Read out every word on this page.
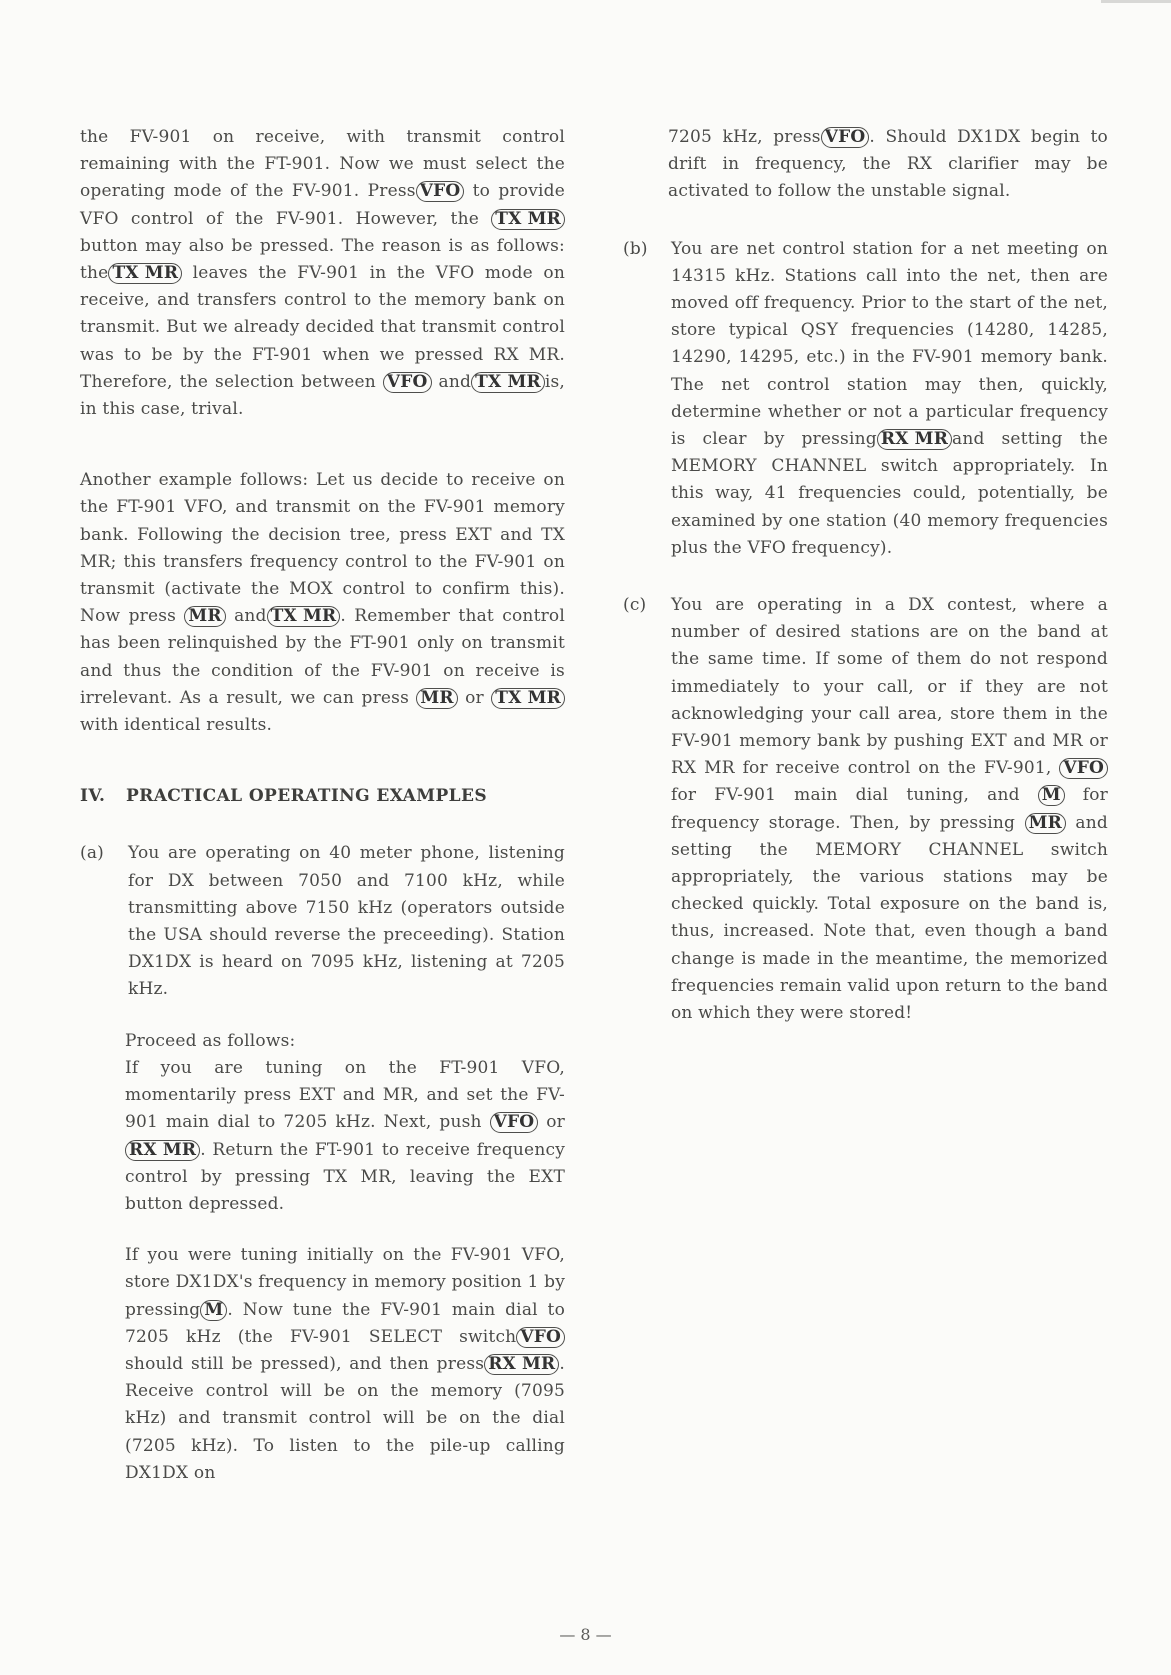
the FV-901 on receive, with transmit control remaining with the FT-901. Now we must select the operating mode of the FV-901. Press VFO to provide VFO control of the FV-901. However, the TX MR button may also be pressed. The reason is as follows: the TX MR leaves the FV-901 in the VFO mode on receive, and transfers control to the memory bank on transmit. But we already decided that transmit control was to be by the FT-901 when we pressed RX MR. Therefore, the selection between VFO and TX MR is, in this case, trival.

Another example follows: Let us decide to receive on the FT-901 VFO, and transmit on the FV-901 memory bank. Following the decision tree, press EXT and TX MR; this transfers frequency control to the FV-901 on transmit (activate the MOX control to confirm this). Now press MR and TX MR . Remember that control has been relinquished by the FT-901 only on transmit and thus the condition of the FV-901 on receive is irrelevant. As a result, we can press MR or TX MR with identical results.

IV. PRACTICAL OPERATING EXAMPLES

(a)	You are operating on 40 meter phone, listening for DX between 7050 and 7100 kHz, while transmitting above 7150 kHz (operators outside the USA should reverse the preceeding). Station DX1DX is heard on 7095 kHz, listening at 7205 kHz.

Proceed as follows:

If you are tuning on the FT-901 VFO, momentarily press EXT and MR, and set the FV-901 main dial to 7205 kHz. Next, push VFO or RX MR . Return the FT-901 to receive frequency control by pressing TX MR, leaving the EXT button depressed.

If you were tuning initially on the FV-901 VFO, store DX1DX's frequency in memory position 1 by pressing M . Now tune the FV-901 main dial to 7205 kHz (the FV-901 SELECT switch VFOshould still be pressed), and then press RX MR . Receive control will be on the memory (7095 kHz) and transmit control will be on the dial (7205 kHz). To listen to the pile-up calling DX1DX on

7205 kHz, press VFO . Should DX1DX begin to drift in frequency, the RX clarifier may be activated to follow the unstable signal.

(b)	You are net control station for a net meeting on 14315 kHz. Stations call into the net, then are moved off frequency. Prior to the start of the net, store typical QSY frequencies (14280, 14285, 14290, 14295, etc.) in the FV-901 memory bank. The net control station may then, quickly, determine whether or not a particular frequency is clear by pressing RX MR and setting the MEMORY CHANNEL switch appropriately. In this way, 41 frequencies could, potentially, be examined by one station (40 memory frequencies plus the VFO frequency).
(c)	You are operating in a DX contest, where a number of desired stations are on the band at the same time. If some of them do not respond immediately to your call, or if they are not acknowledging your call area, store them in the FV-901 memory bank by pushing EXT and MR or RX MR for receive control on the FV-901, VFO for FV-901 main dial tuning, and M for frequency storage. Then, by pressing MR and setting the MEMORY CHANNEL switch appropriately, the various stations may be checked quickly. Total exposure on the band is, thus, increased. Note that, even though a band change is made in the meantime, the memorized frequencies remain valid upon return to the band on which they were stored!
— 8 —
